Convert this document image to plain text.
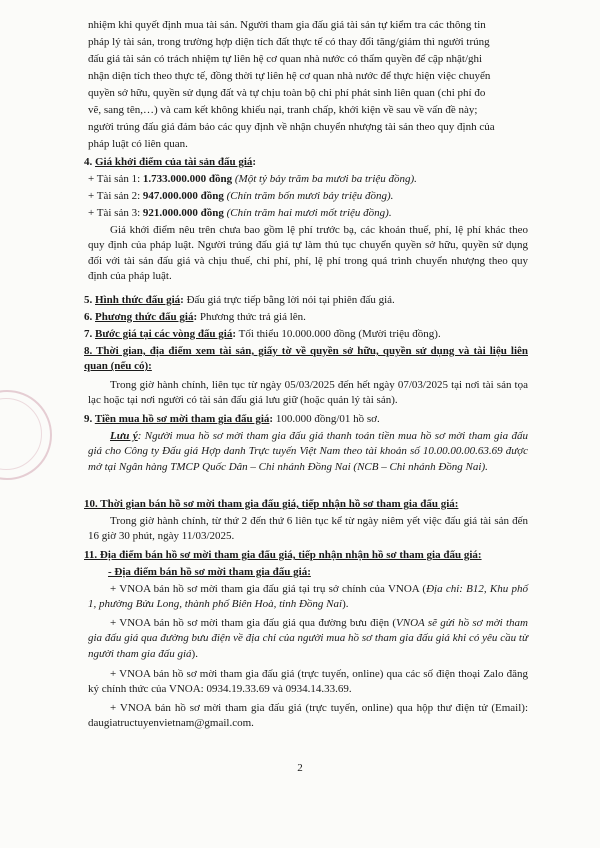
nhiệm khi quyết định mua tài sản. Người tham gia đấu giá tài sản tự kiểm tra các thông tin
pháp lý tài sản, trong trường hợp diện tích đất thực tế có thay đổi tăng/giảm thì người trúng
đấu giá tài sản có trách nhiệm tự liên hệ cơ quan nhà nước có thẩm quyền để cập nhật/ghi
nhận diện tích theo thực tế, đồng thời tự liên hệ cơ quan nhà nước để thực hiện việc chuyển
quyền sở hữu, quyền sử dụng đất và tự chịu toàn bộ chi phí phát sinh liên quan (chi phí đo
vẽ, sang tên,…) và cam kết không khiếu nại, tranh chấp, khởi kiện về sau về vấn đề này;
người trúng đấu giá đảm bảo các quy định về nhận chuyển nhượng tài sản theo quy định của
pháp luật có liên quan.
4. Giá khởi điểm của tài sản đấu giá:
+ Tài sản 1: 1.733.000.000 đồng (Một tỷ bảy trăm ba mươi ba triệu đồng).
+ Tài sản 2: 947.000.000 đồng (Chín trăm bốn mươi bảy triệu đồng).
+ Tài sản 3: 921.000.000 đồng (Chín trăm hai mươi mốt triệu đồng).
Giá khởi điểm nêu trên chưa bao gồm lệ phí trước bạ, các khoản thuế, phí, lệ phí khác theo quy định của pháp luật. Người trúng đấu giá tự làm thủ tục chuyển quyền sở hữu, quyền sử dụng đối với tài sản đấu giá và chịu thuế, chi phí, phí, lệ phí trong quá trình chuyển nhượng theo quy định của pháp luật.
5. Hình thức đấu giá: Đấu giá trực tiếp bằng lời nói tại phiên đấu giá.
6. Phương thức đấu giá: Phương thức trả giá lên.
7. Bước giá tại các vòng đấu giá: Tối thiểu 10.000.000 đồng (Mười triệu đồng).
8. Thời gian, địa điểm xem tài sản, giấy tờ về quyền sở hữu, quyền sử dụng và tài liệu liên quan (nếu có):
Trong giờ hành chính, liên tục từ ngày 05/03/2025 đến hết ngày 07/03/2025 tại nơi tài sản tọa lạc hoặc tại nơi người có tài sản đấu giá lưu giữ (hoặc quản lý tài sản).
9. Tiền mua hồ sơ mời tham gia đấu giá: 100.000 đồng/01 hồ sơ.
Lưu ý: Người mua hồ sơ mời tham gia đấu giá thanh toán tiền mua hồ sơ mời tham gia đấu giá cho Công ty Đấu giá Hợp danh Trực tuyến Việt Nam theo tài khoản số 10.00.00.00.63.69 được mở tại Ngân hàng TMCP Quốc Dân – Chi nhánh Đồng Nai (NCB – Chi nhánh Đồng Nai).
10. Thời gian bán hồ sơ mời tham gia đấu giá, tiếp nhận hồ sơ tham gia đấu giá:
Trong giờ hành chính, từ thứ 2 đến thứ 6 liên tục kể từ ngày niêm yết việc đấu giá tài sản đến 16 giờ 30 phút, ngày 11/03/2025.
11. Địa điểm bán hồ sơ mời tham gia đấu giá, tiếp nhận nhận hồ sơ tham gia đấu giá:
- Địa điểm bán hồ sơ mời tham gia đấu giá:
+ VNOA bán hồ sơ mời tham gia đấu giá tại trụ sở chính của VNOA (Địa chỉ: B12, Khu phố 1, phường Bửu Long, thành phố Biên Hoà, tỉnh Đồng Nai).
+ VNOA bán hồ sơ mời tham gia đấu giá qua đường bưu điện (VNOA sẽ gửi hồ sơ mời tham gia đấu giá qua đường bưu điện về địa chỉ của người mua hồ sơ tham gia đấu giá khi có yêu cầu từ người tham gia đấu giá).
+ VNOA bán hồ sơ mời tham gia đấu giá (trực tuyến, online) qua các số điện thoại Zalo đăng ký chính thức của VNOA: 0934.19.33.69 và 0934.14.33.69.
+ VNOA bán hồ sơ mời tham gia đấu giá (trực tuyến, online) qua hộp thư điện tử (Email): daugiatructuyenvietnam@gmail.com.
2
